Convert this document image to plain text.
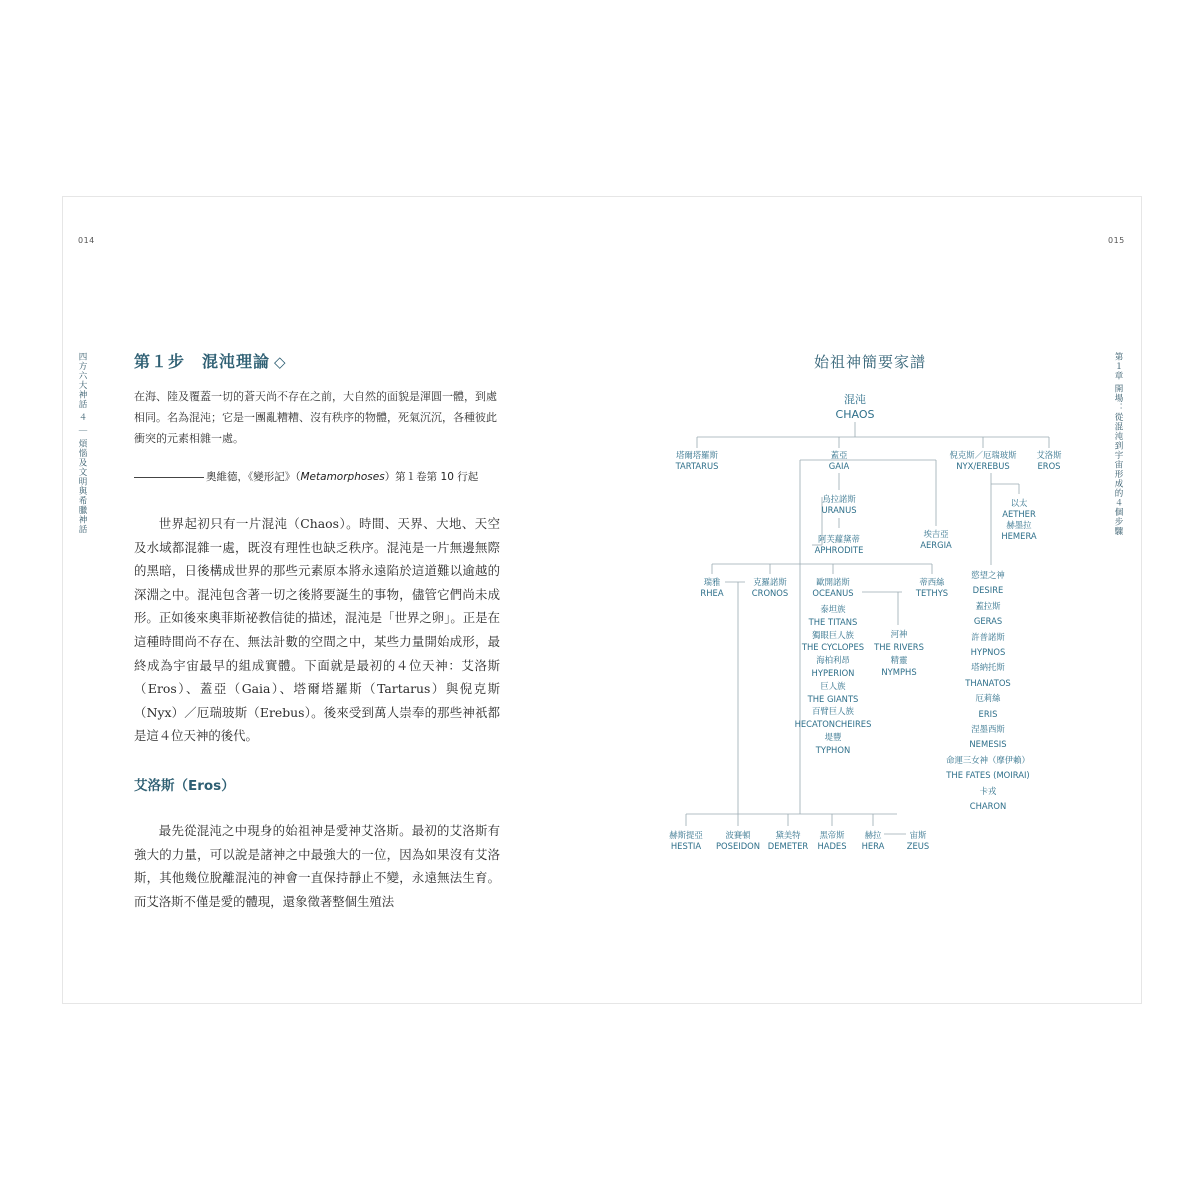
014	015
四方六大神話 ４ ｜ 煩惱及文明與希臘神話	第１章 開場：從混沌到宇宙形成的４個步驟
第１步　混沌理論 ◇
在海、陸及覆蓋一切的蒼天尚不存在之前，大自然的面貌是渾圓一體，到處相同。名為混沌；它是一團亂糟糟、沒有秩序的物體，死氣沉沉，各種彼此衝突的元素相雜一處。
奧維德，《變形記》（Metamorphoses）第１卷第 10 行起
世界起初只有一片混沌（Chaos）。時間、天界、大地、天空及水域都混雜一處，既沒有理性也缺乏秩序。混沌是一片無邊無際的黑暗，日後構成世界的那些元素原本將永遠陷於這道難以逾越的深淵之中。混沌包含著一切之後將要誕生的事物，儘管它們尚未成形。正如後來奧菲斯祕教信徒的描述，混沌是「世界之卵」。正是在這種時間尚不存在、無法計數的空間之中，某些力量開始成形，最終成為宇宙最早的組成實體。下面就是最初的４位天神：艾洛斯（Eros）、蓋亞（Gaia）、塔爾塔羅斯（Tartarus）與倪克斯（Nyx）／厄瑞玻斯（Erebus）。後來受到萬人崇奉的那些神祇都是這４位天神的後代。
艾洛斯（Eros）
最先從混沌之中現身的始祖神是愛神艾洛斯。最初的艾洛斯有強大的力量，可以說是諸神之中最強大的一位，因為如果沒有艾洛斯，其他幾位脫離混沌的神會一直保持靜止不變，永遠無法生育。而艾洛斯不僅是愛的體現，還象徵著整個生殖法
始祖神簡要家譜
混沌
CHAOS
塔爾塔羅斯
TARTARUS
蓋亞
GAIA
倪克斯／厄瑞玻斯
NYX/EREBUS
艾洛斯
EROS
烏拉諾斯
URANUS
阿芙蘿黛蒂
APHRODITE
埃吉亞
AERGIA
以太
AETHER
赫墨拉
HEMERA
瑞雅
RHEA
克羅諾斯
CRONOS
歐開諾斯
OCEANUS
蒂西絲
TETHYS
泰坦族
THE TITANS
獨眼巨人族
THE CYCLOPES
海柏利昂
HYPERION
巨人族
THE GIANTS
百臂巨人族
HECATONCHEIRES
堤豐
TYPHON
河神
THE RIVERS
精靈
NYMPHS
慾望之神
DESIRE
蓋拉斯
GERAS
許普諾斯
HYPNOS
塔納托斯
THANATOS
厄莉絲
ERIS
涅墨西斯
NEMESIS
命運三女神（摩伊賴）
THE FATES (MOIRAI)
卡戎
CHARON
赫斯提亞
HESTIA
波賽頓
POSEIDON
黛美特
DEMETER
黑帝斯
HADES
赫拉
HERA
宙斯
ZEUS
